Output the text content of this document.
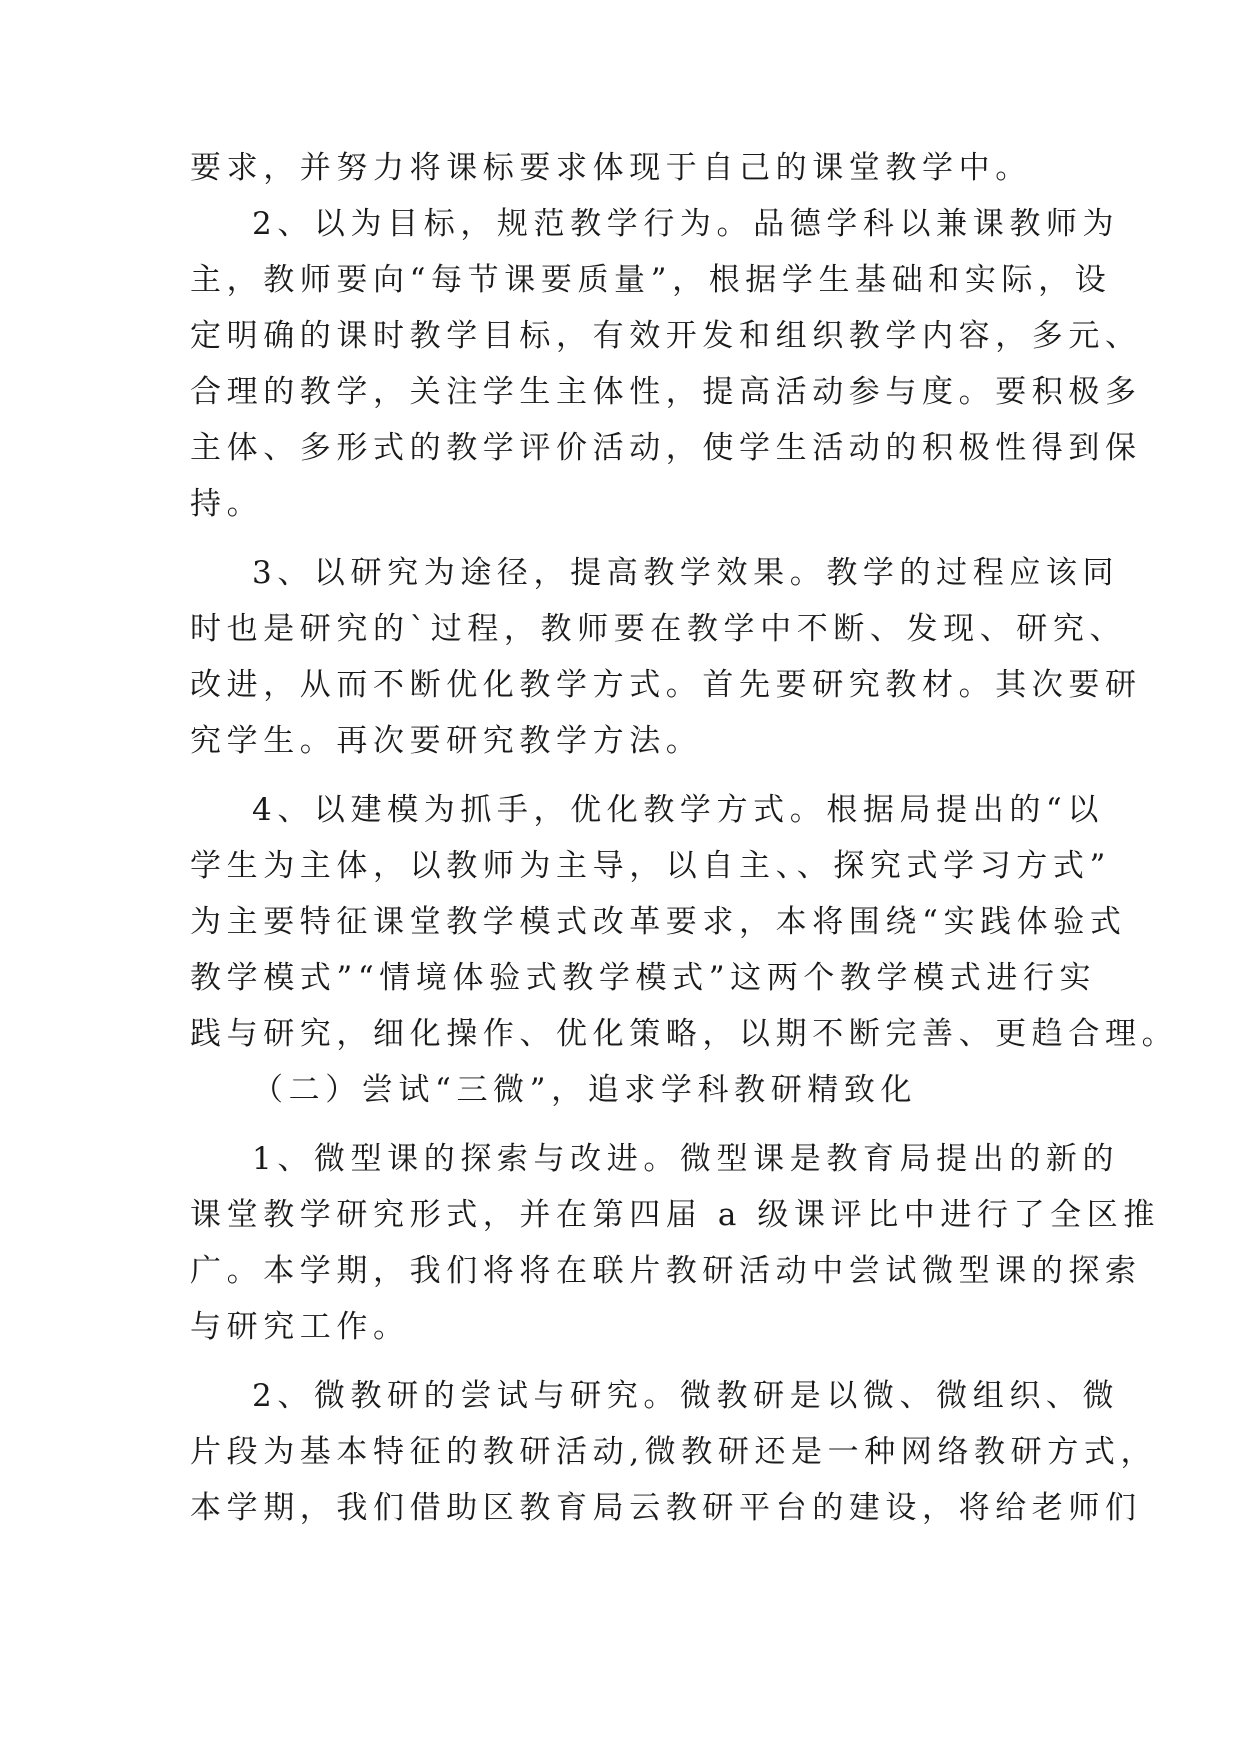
要求，并努力将课标要求体现于自己的课堂教学中。
2、以为目标，规范教学行为。品德学科以兼课教师为
主，教师要向“每节课要质量”，根据学生基础和实际，设
定明确的课时教学目标，有效开发和组织教学内容，多元、
合理的教学，关注学生主体性，提高活动参与度。要积极多
主体、多形式的教学评价活动，使学生活动的积极性得到保
持。
3、以研究为途径，提高教学效果。教学的过程应该同
时也是研究的`过程，教师要在教学中不断、发现、研究、
改进，从而不断优化教学方式。首先要研究教材。其次要研
究学生。再次要研究教学方法。
4、以建模为抓手，优化教学方式。根据局提出的“以
学生为主体，以教师为主导，以自主、、探究式学习方式”
为主要特征课堂教学模式改革要求，本将围绕“实践体验式
教学模式”“情境体验式教学模式”这两个教学模式进行实
践与研究，细化操作、优化策略，以期不断完善、更趋合理。
（二）尝试“三微”，追求学科教研精致化
1、微型课的探索与改进。微型课是教育局提出的新的
课堂教学研究形式，并在第四届 a 级课评比中进行了全区推
广。本学期，我们将将在联片教研活动中尝试微型课的探索
与研究工作。
2、微教研的尝试与研究。微教研是以微、微组织、微
片段为基本特征的教研活动,微教研还是一种网络教研方式，
本学期，我们借助区教育局云教研平台的建设，将给老师们
